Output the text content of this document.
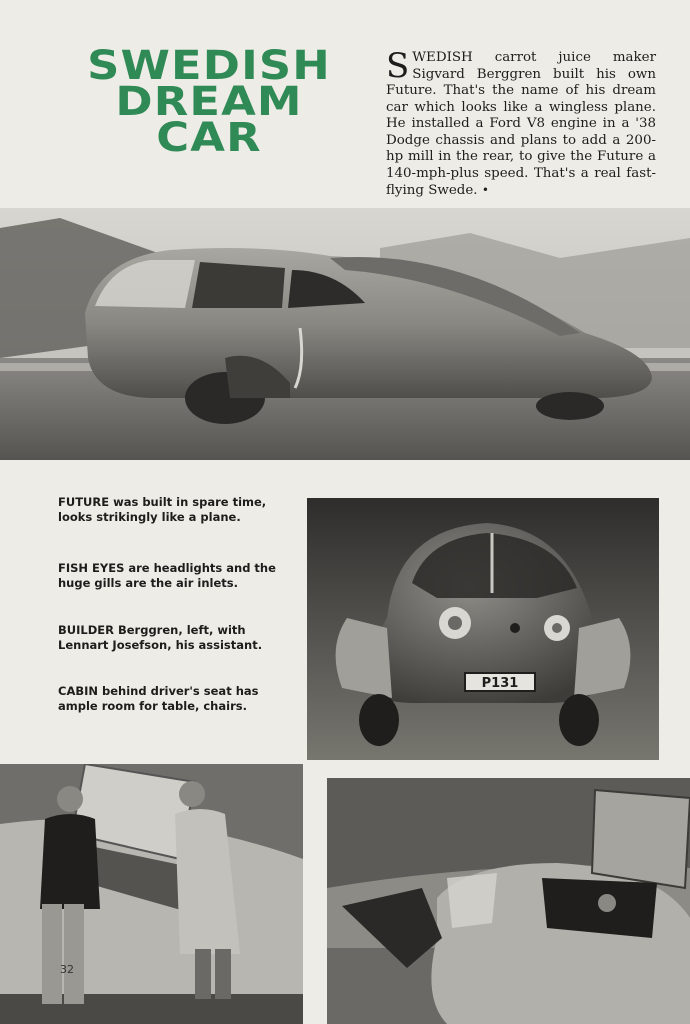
SWEDISH
DREAM
CAR
SWEDISH carrot juice maker Sigvard Berggren built his own Future. That's the name of his dream car which looks like a wingless plane. He installed a Ford V8 engine in a '38 Dodge chassis and plans to add a 200-hp mill in the rear, to give the Future a 140-mph-plus speed. That's a real fast-flying Swede. •
FUTURE was built in spare time, looks strikingly like a plane.
FISH EYES are headlights and the huge gills are the air inlets.
BUILDER Berggren, left, with Lennart Josefson, his assistant.
CABIN behind driver's seat has ample room for table, chairs.
P131
32
